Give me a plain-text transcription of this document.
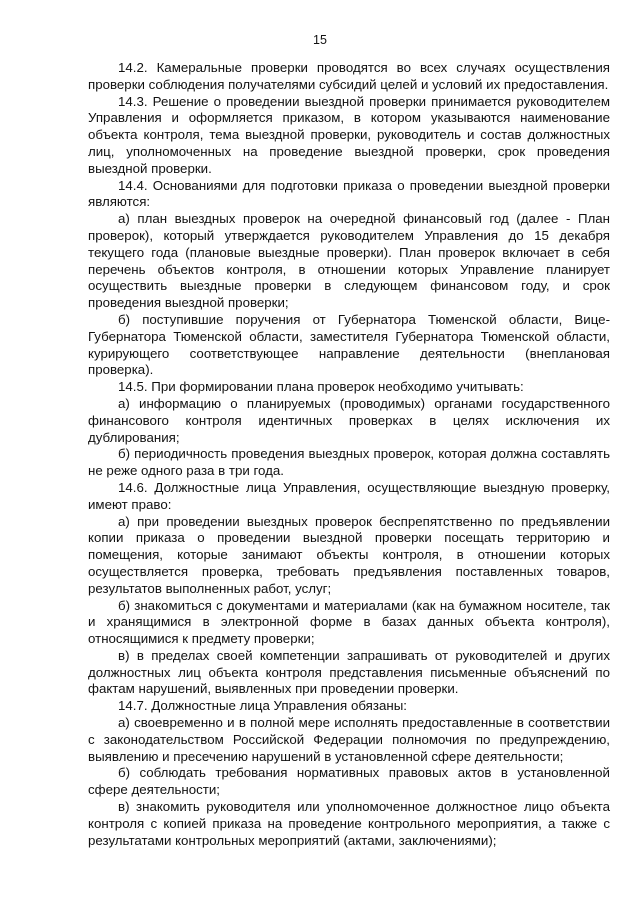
15

14.2. Камеральные проверки проводятся во всех случаях осуществления проверки соблюдения получателями субсидий целей и условий их предоставления.

14.3. Решение о проведении выездной проверки принимается руководителем Управления и оформляется приказом, в котором указываются наименование объекта контроля, тема выездной проверки, руководитель и состав должностных лиц, уполномоченных на проведение выездной проверки, срок проведения выездной проверки.

14.4. Основаниями для подготовки приказа о проведении выездной проверки являются:

а) план выездных проверок на очередной финансовый год (далее - План проверок), который утверждается руководителем Управления до 15 декабря текущего года (плановые выездные проверки). План проверок включает в себя перечень объектов контроля, в отношении которых Управление планирует осуществить выездные проверки в следующем финансовом году, и срок проведения выездной проверки;

б) поступившие поручения от Губернатора Тюменской области, Вице-Губернатора Тюменской области, заместителя Губернатора Тюменской области, курирующего соответствующее направление деятельности (внеплановая проверка).

14.5. При формировании плана проверок необходимо учитывать:

а) информацию о планируемых (проводимых) органами государственного финансового контроля идентичных проверках в целях исключения их дублирования;

б) периодичность проведения выездных проверок, которая должна составлять не реже одного раза в три года.

14.6. Должностные лица Управления, осуществляющие выездную проверку, имеют право:

а) при проведении выездных проверок беспрепятственно по предъявлении копии приказа о проведении выездной проверки посещать территорию и помещения, которые занимают объекты контроля, в отношении которых осуществляется проверка, требовать предъявления поставленных товаров, результатов выполненных работ, услуг;

б) знакомиться с документами и материалами (как на бумажном носителе, так и хранящимися в электронной форме в базах данных объекта контроля), относящимися к предмету проверки;

в) в пределах своей компетенции запрашивать от руководителей и других должностных лиц объекта контроля представления письменные объяснений по фактам нарушений, выявленных при проведении проверки.

14.7. Должностные лица Управления обязаны:

а) своевременно и в полной мере исполнять предоставленные в соответствии с законодательством Российской Федерации полномочия по предупреждению, выявлению и пресечению нарушений в установленной сфере деятельности;

б) соблюдать требования нормативных правовых актов в установленной сфере деятельности;

в) знакомить руководителя или уполномоченное должностное лицо объекта контроля с копией приказа на проведение контрольного мероприятия, а также с результатами контрольных мероприятий (актами, заключениями);
